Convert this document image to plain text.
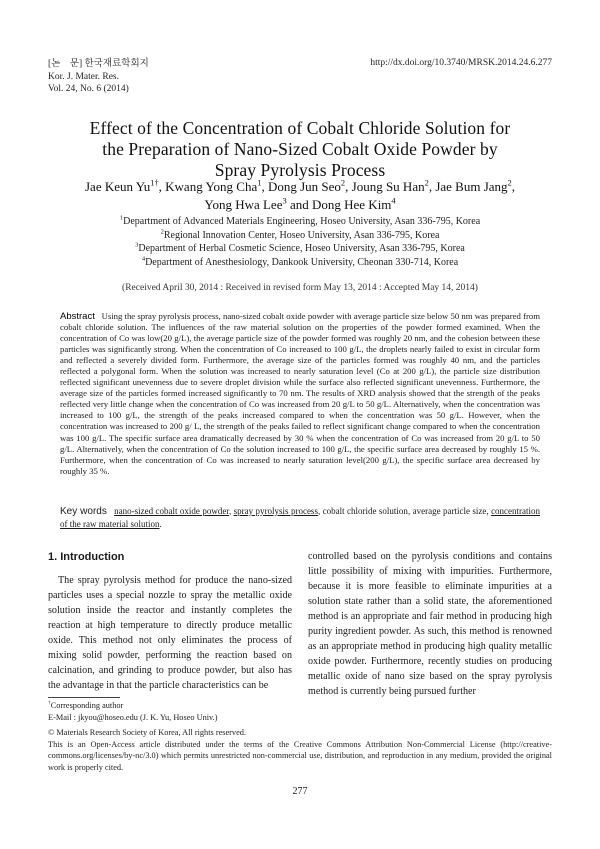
[논　문] 한국재료학회지
Kor. J. Mater. Res.
Vol. 24, No. 6 (2014)
http://dx.doi.org/10.3740/MRSK.2014.24.6.277
Effect of the Concentration of Cobalt Chloride Solution for
the Preparation of Nano-Sized Cobalt Oxide Powder by
Spray Pyrolysis Process
Jae Keun $Yu^{1\dagger}$, Kwang Yong Cha$^1$, Dong Jun Seo$^2$, Joung Su Han$^2$, Jae Bum Jang$^2$,
Yong Hwa Lee$^3$ and Dong Hee Kim$^4$
$^1$Department of Advanced Materials Engineering, Hoseo University, Asan 336-795, Korea
$^2$Regional Innovation Center, Hoseo University, Asan 336-795, Korea
$^3$Department of Herbal Cosmetic Science, Hoseo University, Asan 336-795, Korea
$^4$Department of Anesthesiology, Dankook University, Cheonan 330-714, Korea
(Received April 30, 2014 : Received in revised form May 13, 2014 : Accepted May 14, 2014)
Abstract Using the spray pyrolysis process, nano-sized cobalt oxide powder with average particle size below 50 nm was prepared from cobalt chloride solution. The influences of the raw material solution on the properties of the powder formed examined. When the concentration of Co was low(20 g/L), the average particle size of the powder formed was roughly 20 nm, and the cohesion between these particles was significantly strong. When the concentration of Co increased to 100 g/L, the droplets nearly failed to exist in circular form and reflected a severely divided form. Furthermore, the average size of the particles formed was roughly 40 nm, and the particles reflected a polygonal form. When the solution was increased to nearly saturation level (Co at 200 g/L), the particle size distribution reflected significant unevenness due to severe droplet division while the surface also reflected significant unevenness. Furthermore, the average size of the particles formed increased significantly to 70 nm. The results of XRD analysis showed that the strength of the peaks reflected very little change when the concentration of Co was increased from 20 g/L to 50 g/L. Alternatively, when the concentration was increased to 100 g/L, the strength of the peaks increased compared to when the concentration was 50 g/L. However, when the concentration was increased to 200 g/ L, the strength of the peaks failed to reflect significant change compared to when the concentration was 100 g/L. The specific surface area dramatically decreased by 30 % when the concentration of Co was increased from 20 g/L to 50 g/L. Alternatively, when the concentration of Co the solution increased to 100 g/L, the specific surface area decreased by roughly 15 %. Furthermore, when the concentration of Co was increased to nearly saturation level(200 g/L), the specific surface area decreased by roughly 35 %.
Key words nano-sized cobalt oxide powder, spray pyrolysis process, cobalt chloride solution, average particle size, concentration of the raw material solution.
1. Introduction

The spray pyrolysis method for produce the nano-sized particles uses a special nozzle to spray the metallic oxide solution inside the reactor and instantly completes the reaction at high temperature to directly produce metallic oxide. This method not only eliminates the process of mixing solid powder, performing the reaction based on calcination, and grinding to produce powder, but also has the advantage in that the particle characteristics can be

controlled based on the pyrolysis conditions and contains little possibility of mixing with impurities. Furthermore, because it is more feasible to eliminate impurities at a solution state rather than a solid state, the aforementioned method is an appropriate and fair method in producing high purity ingredient powder. As such, this method is renowned as an appropriate method in producing high quality metallic oxide powder. Furthermore, recently studies on producing metallic oxide of nano size based on the spray pyrolysis method is currently being pursued further

†Corresponding author
E-Mail : jkyou@hoseo.edu (J. K. Yu, Hoseo Univ.)
© Materials Research Society of Korea, All rights reserved.
This is an Open-Access article distributed under the terms of the Creative Commons Attribution Non-Commercial License (http://creative-commons.org/licenses/by-nc/3.0) which permits unrestricted non-commercial use, distribution, and reproduction in any medium, provided the original work is properly cited.
277
